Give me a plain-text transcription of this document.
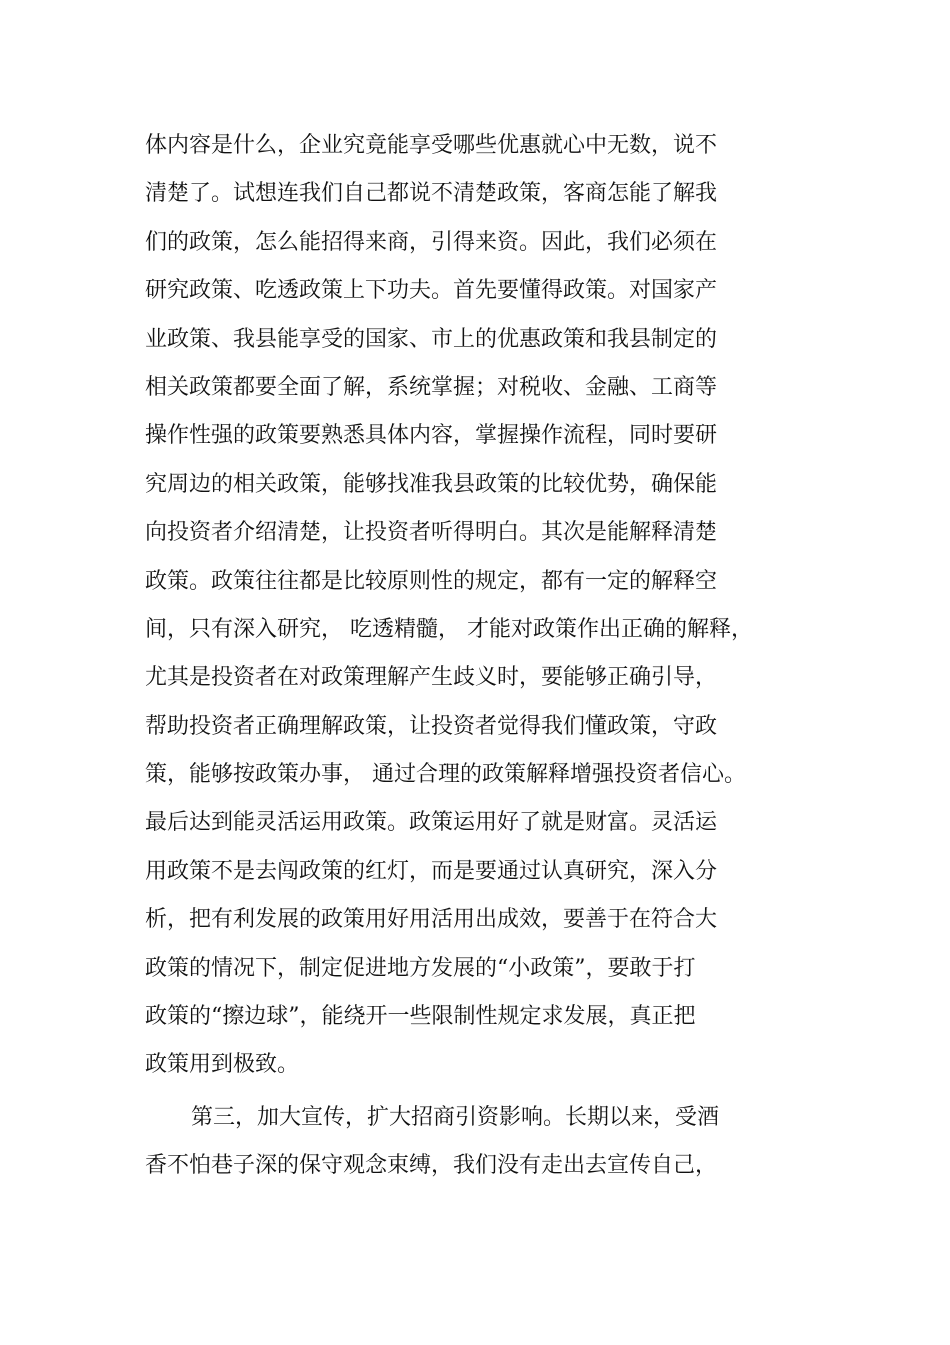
体内容是什么，企业究竟能享受哪些优惠就心中无数，说不
清楚了。试想连我们自己都说不清楚政策，客商怎能了解我
们的政策，怎么能招得来商，引得来资。因此，我们必须在
研究政策、吃透政策上下功夫。首先要懂得政策。对国家产
业政策、我县能享受的国家、市上的优惠政策和我县制定的
相关政策都要全面了解，系统掌握；对税收、金融、工商等
操作性强的政策要熟悉具体内容，掌握操作流程，同时要研
究周边的相关政策，能够找准我县政策的比较优势，确保能
向投资者介绍清楚，让投资者听得明白。其次是能解释清楚
政策。政策往往都是比较原则性的规定，都有一定的解释空
间，只有深入研究， 吃透精髓， 才能对政策作出正确的解释，
尤其是投资者在对政策理解产生歧义时，要能够正确引导，
帮助投资者正确理解政策，让投资者觉得我们懂政策，守政
策，能够按政策办事， 通过合理的政策解释增强投资者信心。
最后达到能灵活运用政策。政策运用好了就是财富。灵活运
用政策不是去闯政策的红灯，而是要通过认真研究，深入分
析，把有利发展的政策用好用活用出成效，要善于在符合大
政策的情况下，制定促进地方发展的“小政策”，要敢于打
政策的“擦边球”，能绕开一些限制性规定求发展，真正把
政策用到极致。
第三，加大宣传，扩大招商引资影响。长期以来，受酒
香不怕巷子深的保守观念束缚，我们没有走出去宣传自己，
